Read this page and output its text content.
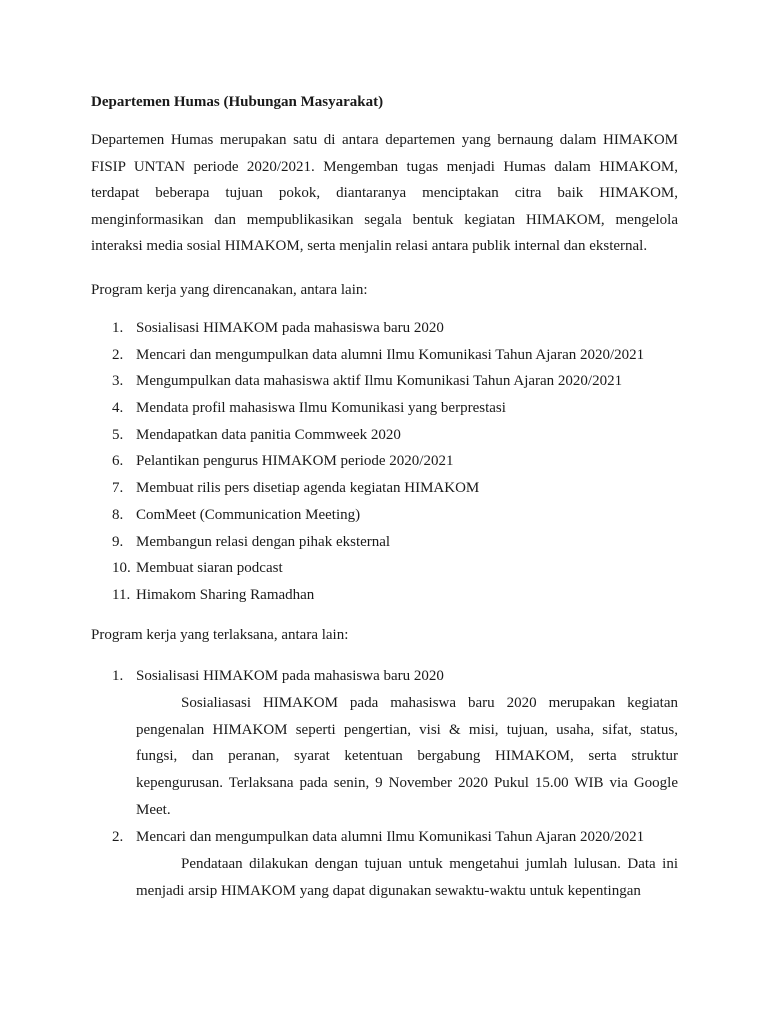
Departemen Humas (Hubungan Masyarakat)

Departemen Humas merupakan satu di antara departemen yang bernaung dalam HIMAKOM FISIP UNTAN periode 2020/2021. Mengemban tugas menjadi Humas dalam HIMAKOM, terdapat beberapa tujuan pokok, diantaranya menciptakan citra baik HIMAKOM, menginformasikan dan mempublikasikan segala bentuk kegiatan HIMAKOM, mengelola interaksi media sosial HIMAKOM, serta menjalin relasi antara publik internal dan eksternal.

Program kerja yang direncanakan, antara lain:

1. Sosialisasi HIMAKOM pada mahasiswa baru 2020
2. Mencari dan mengumpulkan data alumni Ilmu Komunikasi Tahun Ajaran 2020/2021
3. Mengumpulkan data mahasiswa aktif Ilmu Komunikasi Tahun Ajaran 2020/2021
4. Mendata profil mahasiswa Ilmu Komunikasi yang berprestasi
5. Mendapatkan data panitia Commweek 2020
6. Pelantikan pengurus HIMAKOM periode 2020/2021
7. Membuat rilis pers disetiap agenda kegiatan HIMAKOM
8. ComMeet (Communication Meeting)
9. Membangun relasi dengan pihak eksternal
10. Membuat siaran podcast
11. Himakom Sharing Ramadhan

Program kerja yang terlaksana, antara lain:

1. Sosialisasi HIMAKOM pada mahasiswa baru 2020

Sosialiasasi HIMAKOM pada mahasiswa baru 2020 merupakan kegiatan pengenalan HIMAKOM seperti pengertian, visi & misi, tujuan, usaha, sifat, status, fungsi, dan peranan, syarat ketentuan bergabung HIMAKOM, serta struktur kepengurusan. Terlaksana pada senin, 9 November 2020 Pukul 15.00 WIB via Google Meet.

2. Mencari dan mengumpulkan data alumni Ilmu Komunikasi Tahun Ajaran 2020/2021

Pendataan dilakukan dengan tujuan untuk mengetahui jumlah lulusan. Data ini menjadi arsip HIMAKOM yang dapat digunakan sewaktu-waktu untuk kepentingan
